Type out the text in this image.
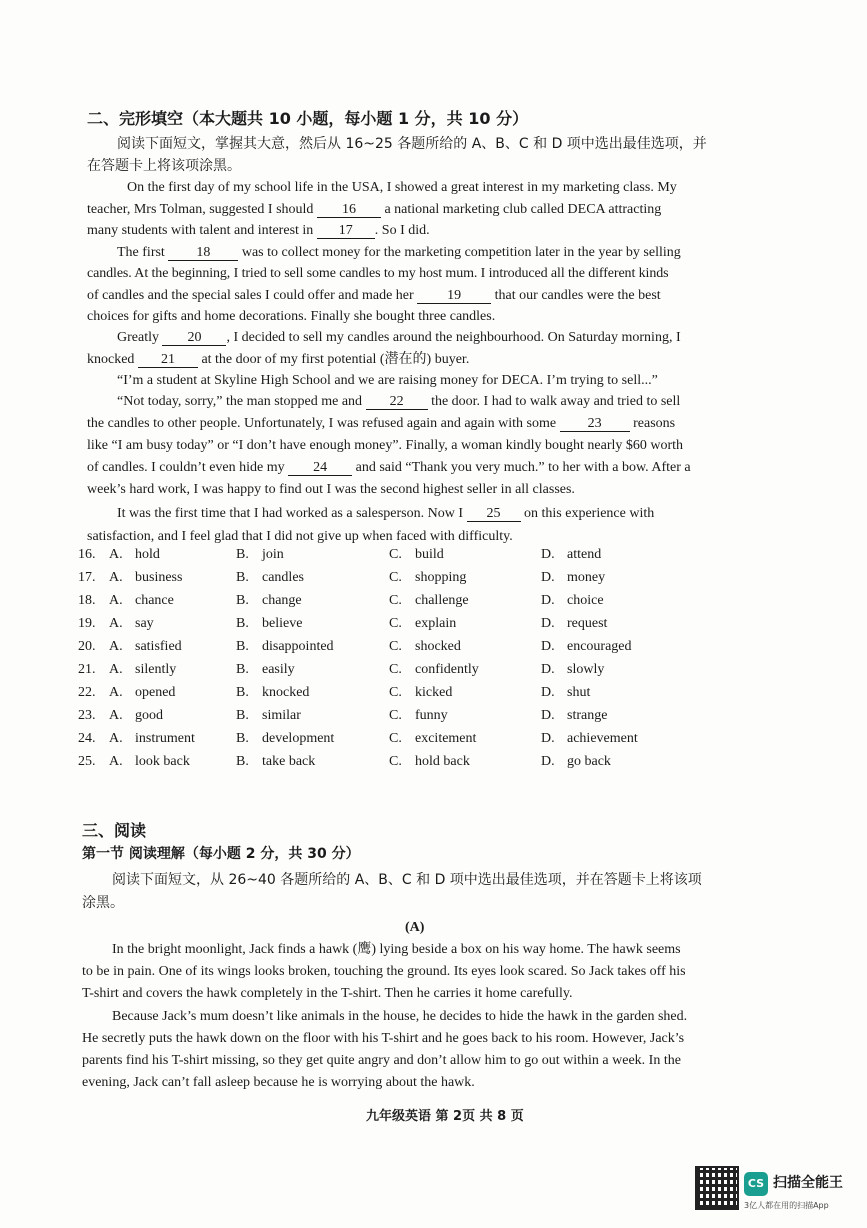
二、完形填空（本大题共 10 小题，每小题 1 分，共 10 分）
阅读下面短文，掌握其大意，然后从 16~25 各题所给的 A、B、C 和 D 项中选出最佳选项，并
在答题卡上将该项涂黑。
On the first day of my school life in the USA, I showed a great interest in my marketing class. My
teacher, Mrs Tolman, suggested I should 16 a national marketing club called DECA attracting
many students with talent and interest in 17 . So I did.
The first 18 was to collect money for the marketing competition later in the year by selling
candles. At the beginning, I tried to sell some candles to my host mum. I introduced all the different kinds
of candles and the special sales I could offer and made her 19 that our candles were the best
choices for gifts and home decorations. Finally she bought three candles.
Greatly 20 , I decided to sell my candles around the neighbourhood. On Saturday morning, I
knocked 21 at the door of my first potential (潜在的) buyer.
“I’m a student at Skyline High School and we are raising money for DECA. I’m trying to sell...”
“Not today, sorry,” the man stopped me and 22 the door. I had to walk away and tried to sell
the candles to other people. Unfortunately, I was refused again and again with some 23 reasons
like “I am busy today” or “I don’t have enough money”. Finally, a woman kindly bought nearly $60 worth
of candles. I couldn’t even hide my 24 and said “Thank you very much.” to her with a bow. After a
week’s hard work, I was happy to find out I was the second highest seller in all classes.
It was the first time that I had worked as a salesperson. Now I 25 on this experience with
satisfaction, and I feel glad that I did not give up when faced with difficulty.
16. A. hold	B. join	C. build	D. attend
17. A. business	B. candles	C. shopping	D. money
18. A. chance	B. change	C. challenge	D. choice
19. A. say	B. believe	C. explain	D. request
20. A. satisfied	B. disappointed	C. shocked	D. encouraged
21. A. silently	B. easily	C. confidently	D. slowly
22. A. opened	B. knocked	C. kicked	D. shut
23. A. good	B. similar	C. funny	D. strange
24. A. instrument	B. development	C. excitement	D. achievement
25. A. look back	B. take back	C. hold back	D. go back
三、阅读
第一节 阅读理解（每小题 2 分，共 30 分）
阅读下面短文，从 26~40 各题所给的 A、B、C 和 D 项中选出最佳选项，并在答题卡上将该项
涂黑。
(A)
In the bright moonlight, Jack finds a hawk (鹰) lying beside a box on his way home. The hawk seems
to be in pain. One of its wings looks broken, touching the ground. Its eyes look scared. So Jack takes off his
T-shirt and covers the hawk completely in the T-shirt. Then he carries it home carefully.
Because Jack’s mum doesn’t like animals in the house, he decides to hide the hawk in the garden shed.
He secretly puts the hawk down on the floor with his T-shirt and he goes back to his room. However, Jack’s
parents find his T-shirt missing, so they get quite angry and don’t allow him to go out within a week. In the
evening, Jack can’t fall asleep because he is worrying about the hawk.
九年级英语 第 2页 共 8 页
CS 扫描全能王
3亿人都在用的扫描App
